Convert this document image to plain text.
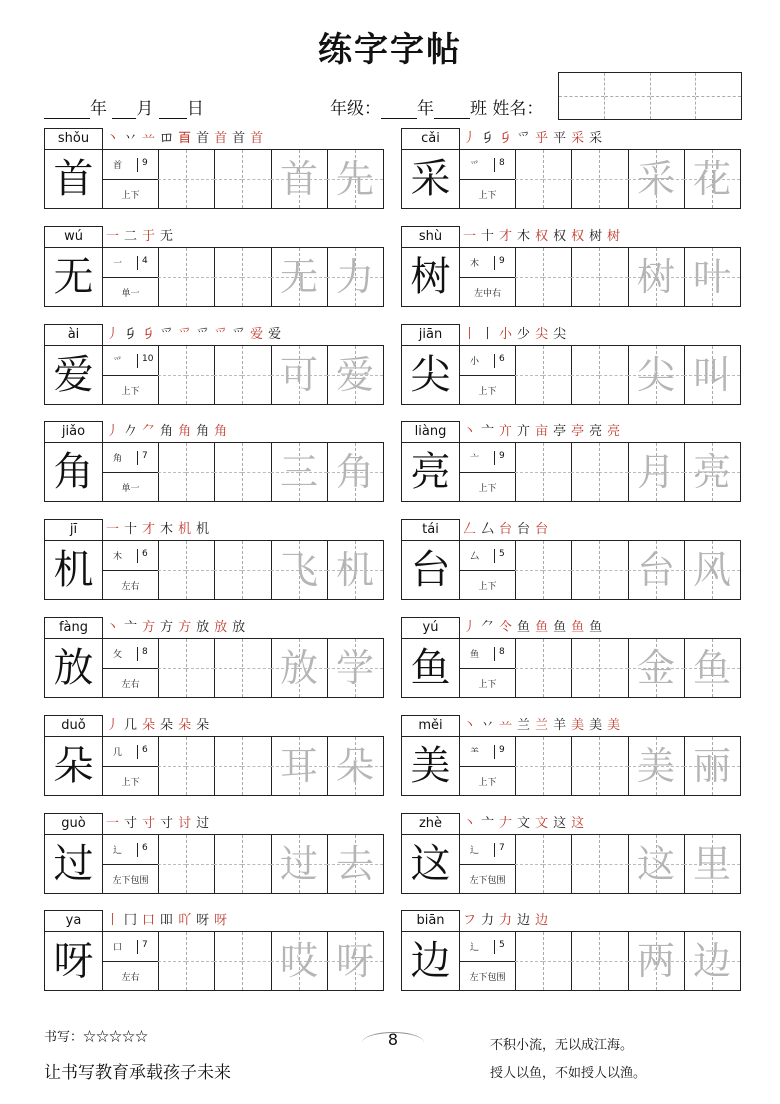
练字字帖
年 月 日	年级： 年 班 姓名：
shǒu	丶 丷 䒑 𫩏 𦣻 首 首 首 首
首	首	9
上下	首 先
cǎi	丿 𠂎 𠂎 爫 乎 平 采 采
采	爫	8
上下	采 花
wú	一 二 于 无
无	一	4
单一	无 力
shù	一 十 才 木 权 权 权 树 树
树	木	9
左中右	树 叶
ài	丿 𠂎 𠂎 爫 爫 爫 爫 爫 爱 爱
爱	爫	10
上下	可 爱
jiān	丨 丨 小 少 尖 尖
尖	小	6
上下	尖 叫
jiǎo	丿 𠂊 ⺈ 角 角 角 角
角	角	7
单一	三 角
liàng	丶 亠 亣 亣 亩 亭 亭 亮 亮
亮	亠	9
上下	月 亮
jī	一 十 才 木 机 机
机	木	6
左右	飞 机
tái	𠃋 厶 台 台 台
台	厶	5
上下	台 风
fàng	丶 亠 方 方 方 放 放 放
放	攵	8
左右	放 学
yú	丿 ⺈ 仒 鱼 鱼 鱼 鱼 鱼
鱼	鱼	8
上下	金 鱼
duǒ	丿 几 朵 朵 朵 朵
朵	几	6
上下	耳 朵
měi	丶 丷 䒑 兰 兰 羊 美 美 美
美	⺷	9
上下	美 丽
guò	一 寸 寸 寸 讨 过
过	辶	6
左下包围	过 去
zhè	丶 亠 𠂇 文 文 这 这
这	辶	7
左下包围	这 里
ya	丨 冂 口 吅 吖 呀 呀
呀	口	7
左右	哎 呀
biān	フ 力 力 边 边
边	辶	5
左下包围	两 边
书写：☆☆☆☆☆
让书写教育承载孩子未来
8	不积小流，无以成江海。
授人以鱼，不如授人以渔。
